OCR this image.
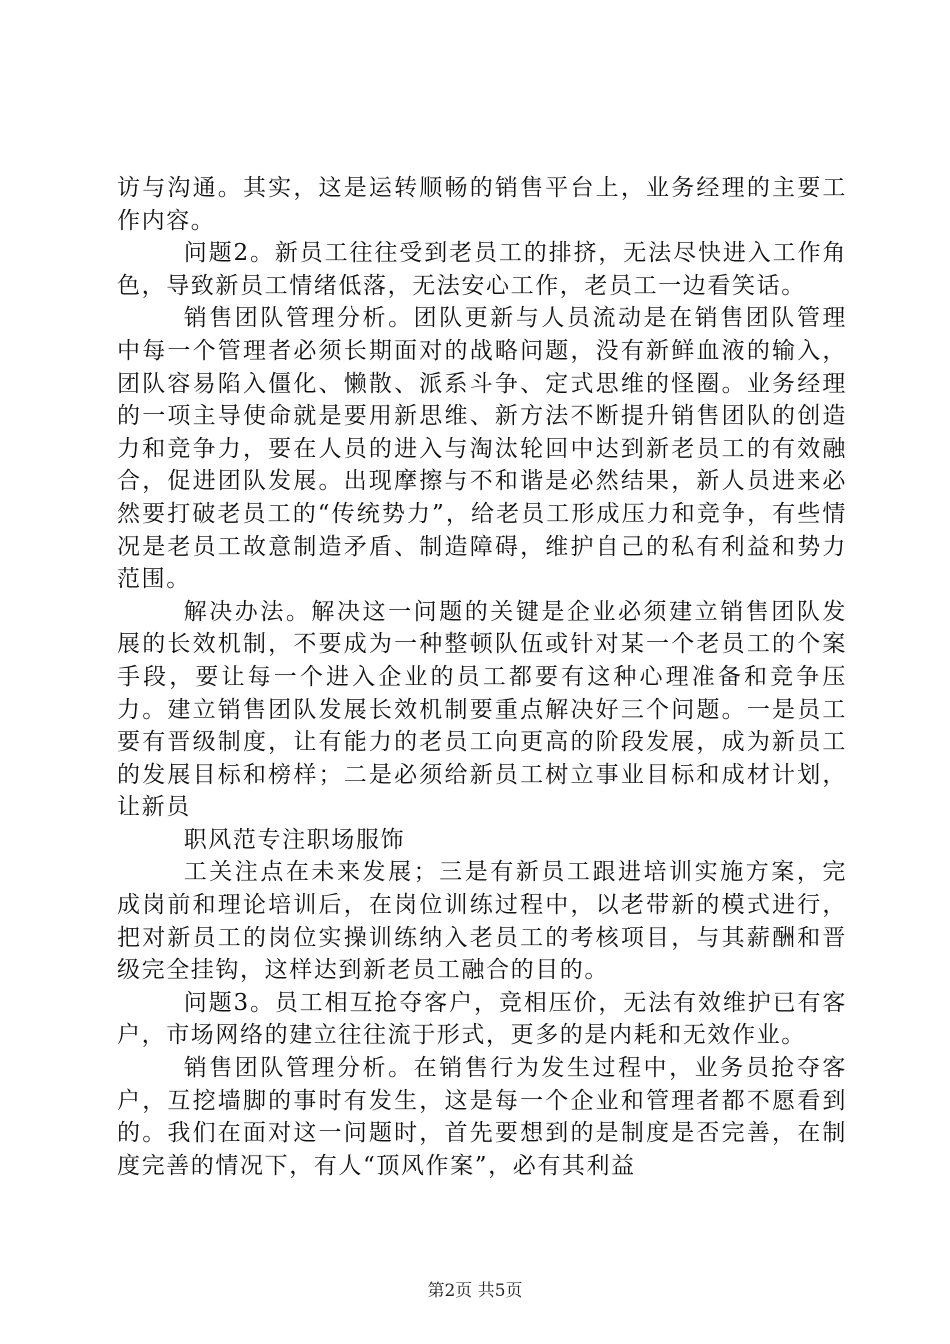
访与沟通。其实，这是运转顺畅的销售平台上，业务经理的主要工作内容。

问题2。新员工往往受到老员工的排挤，无法尽快进入工作角色，导致新员工情绪低落，无法安心工作，老员工一边看笑话。

销售团队管理分析。团队更新与人员流动是在销售团队管理中每一个管理者必须长期面对的战略问题，没有新鲜血液的输入，团队容易陷入僵化、懒散、派系斗争、定式思维的怪圈。业务经理的一项主导使命就是要用新思维、新方法不断提升销售团队的创造力和竞争力，要在人员的进入与淘汰轮回中达到新老员工的有效融合，促进团队发展。出现摩擦与不和谐是必然结果，新人员进来必然要打破老员工的“传统势力”，给老员工形成压力和竞争，有些情况是老员工故意制造矛盾、制造障碍，维护自己的私有利益和势力范围。

解决办法。解决这一问题的关键是企业必须建立销售团队发展的长效机制，不要成为一种整顿队伍或针对某一个老员工的个案手段，要让每一个进入企业的员工都要有这种心理准备和竞争压力。建立销售团队发展长效机制要重点解决好三个问题。一是员工要有晋级制度，让有能力的老员工向更高的阶段发展，成为新员工的发展目标和榜样；二是必须给新员工树立事业目标和成材计划，让新员

职风范专注职场服饰

工关注点在未来发展；三是有新员工跟进培训实施方案，完成岗前和理论培训后，在岗位训练过程中，以老带新的模式进行，把对新员工的岗位实操训练纳入老员工的考核项目，与其薪酬和晋级完全挂钩，这样达到新老员工融合的目的。

问题3。员工相互抢夺客户，竞相压价，无法有效维护已有客户，市场网络的建立往往流于形式，更多的是内耗和无效作业。

销售团队管理分析。在销售行为发生过程中，业务员抢夺客户，互挖墙脚的事时有发生，这是每一个企业和管理者都不愿看到的。我们在面对这一问题时，首先要想到的是制度是否完善，在制度完善的情况下，有人“顶风作案”，必有其利益

第2页 共5页
